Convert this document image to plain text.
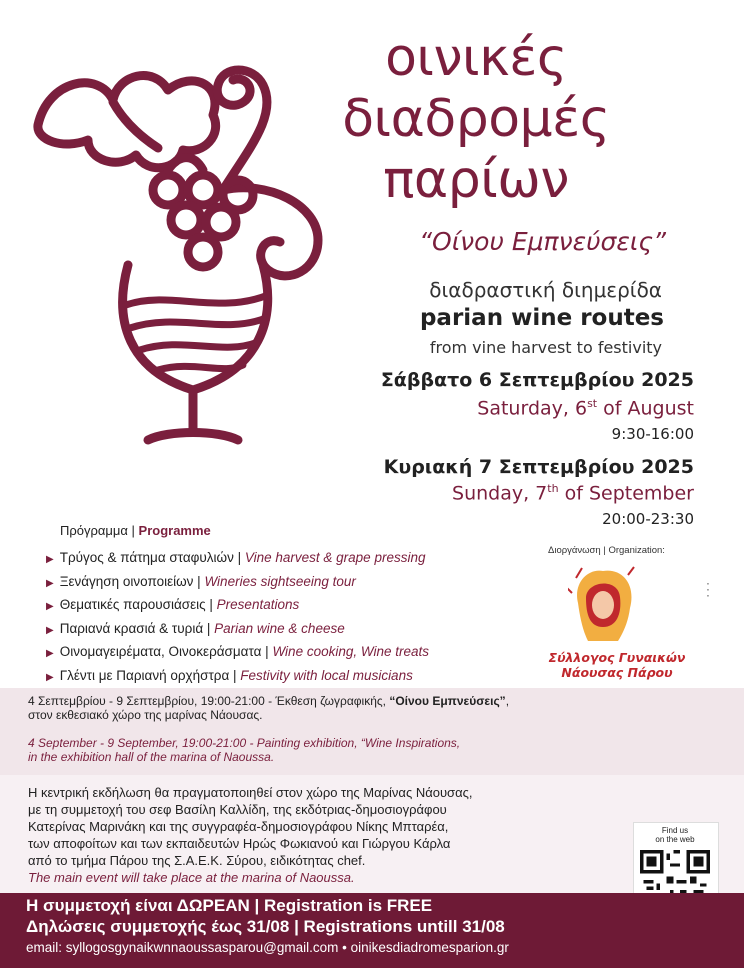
οινικές
διαδρομές
παρίων
“Οίνου Εμπνεύσεις”
διαδραστική διημερίδα
parian wine routes
from vine harvest to festivity
Σάββατο 6 Σεπτεμβρίου 2025
Saturday, 6st of August
9:30-16:00
Κυριακή 7 Σεπτεμβρίου 2025
Sunday, 7th of September
20:00-23:30
Πρόγραμμα | Programme
▶ Τρύγος & πάτημα σταφυλιών | Vine harvest & grape pressing
▶ Ξενάγηση οινοποιείων | Wineries sightseeing tour
▶ Θεματικές παρουσιάσεις | Presentations
▶ Παριανά κρασιά & τυριά | Parian wine & cheese
▶ Οινομαγειρέματα, Οινοκεράσματα | Wine cooking, Wine treats
▶ Γλέντι με Παριανή ορχήστρα | Festivity with local musicians
Διοργάνωση | Organization:
▪▪▪
Σύλλογος Γυναικών
Νάουσας Πάρου
4 Σεπτεμβρίου - 9 Σεπτεμβρίου, 19:00-21:00 - Έκθεση ζωγραφικής, “Οίνου Εμπνεύσεις”,
στον εκθεσιακό χώρο της μαρίνας Νάουσας.
4 September - 9 September, 19:00-21:00 - Painting exhibition, “Wine Inspirations,
in the exhibition hall of the marina of Naoussa.
Η κεντρική εκδήλωση θα πραγματοποιηθεί στον χώρο της Μαρίνας Νάουσας,
με τη συμμετοχή του σεφ Βασίλη Καλλίδη, της εκδότριας-δημοσιογράφου
Κατερίνας Μαρινάκη και της συγγραφέα-δημοσιογράφου Νίκης Μπταρέα,
των αποφοίτων και των εκπαιδευτών Ηρώς Φωκιανού και Γιώργου Κάρλα
από το τμήμα Πάρου της Σ.Α.Ε.Κ. Σύρου, ειδικότητας chef.
The main event will take place at the marina of Naoussa.
Find us
on the web
Η συμμετοχή είναι ΔΩΡΕΑΝ | Registration is FREE
Δηλώσεις συμμετοχής έως 31/08 | Registrations untill 31/08
email: syllogosgynaikwnnaoussasparou@gmail.com • oinikesdiadromesparion.gr
